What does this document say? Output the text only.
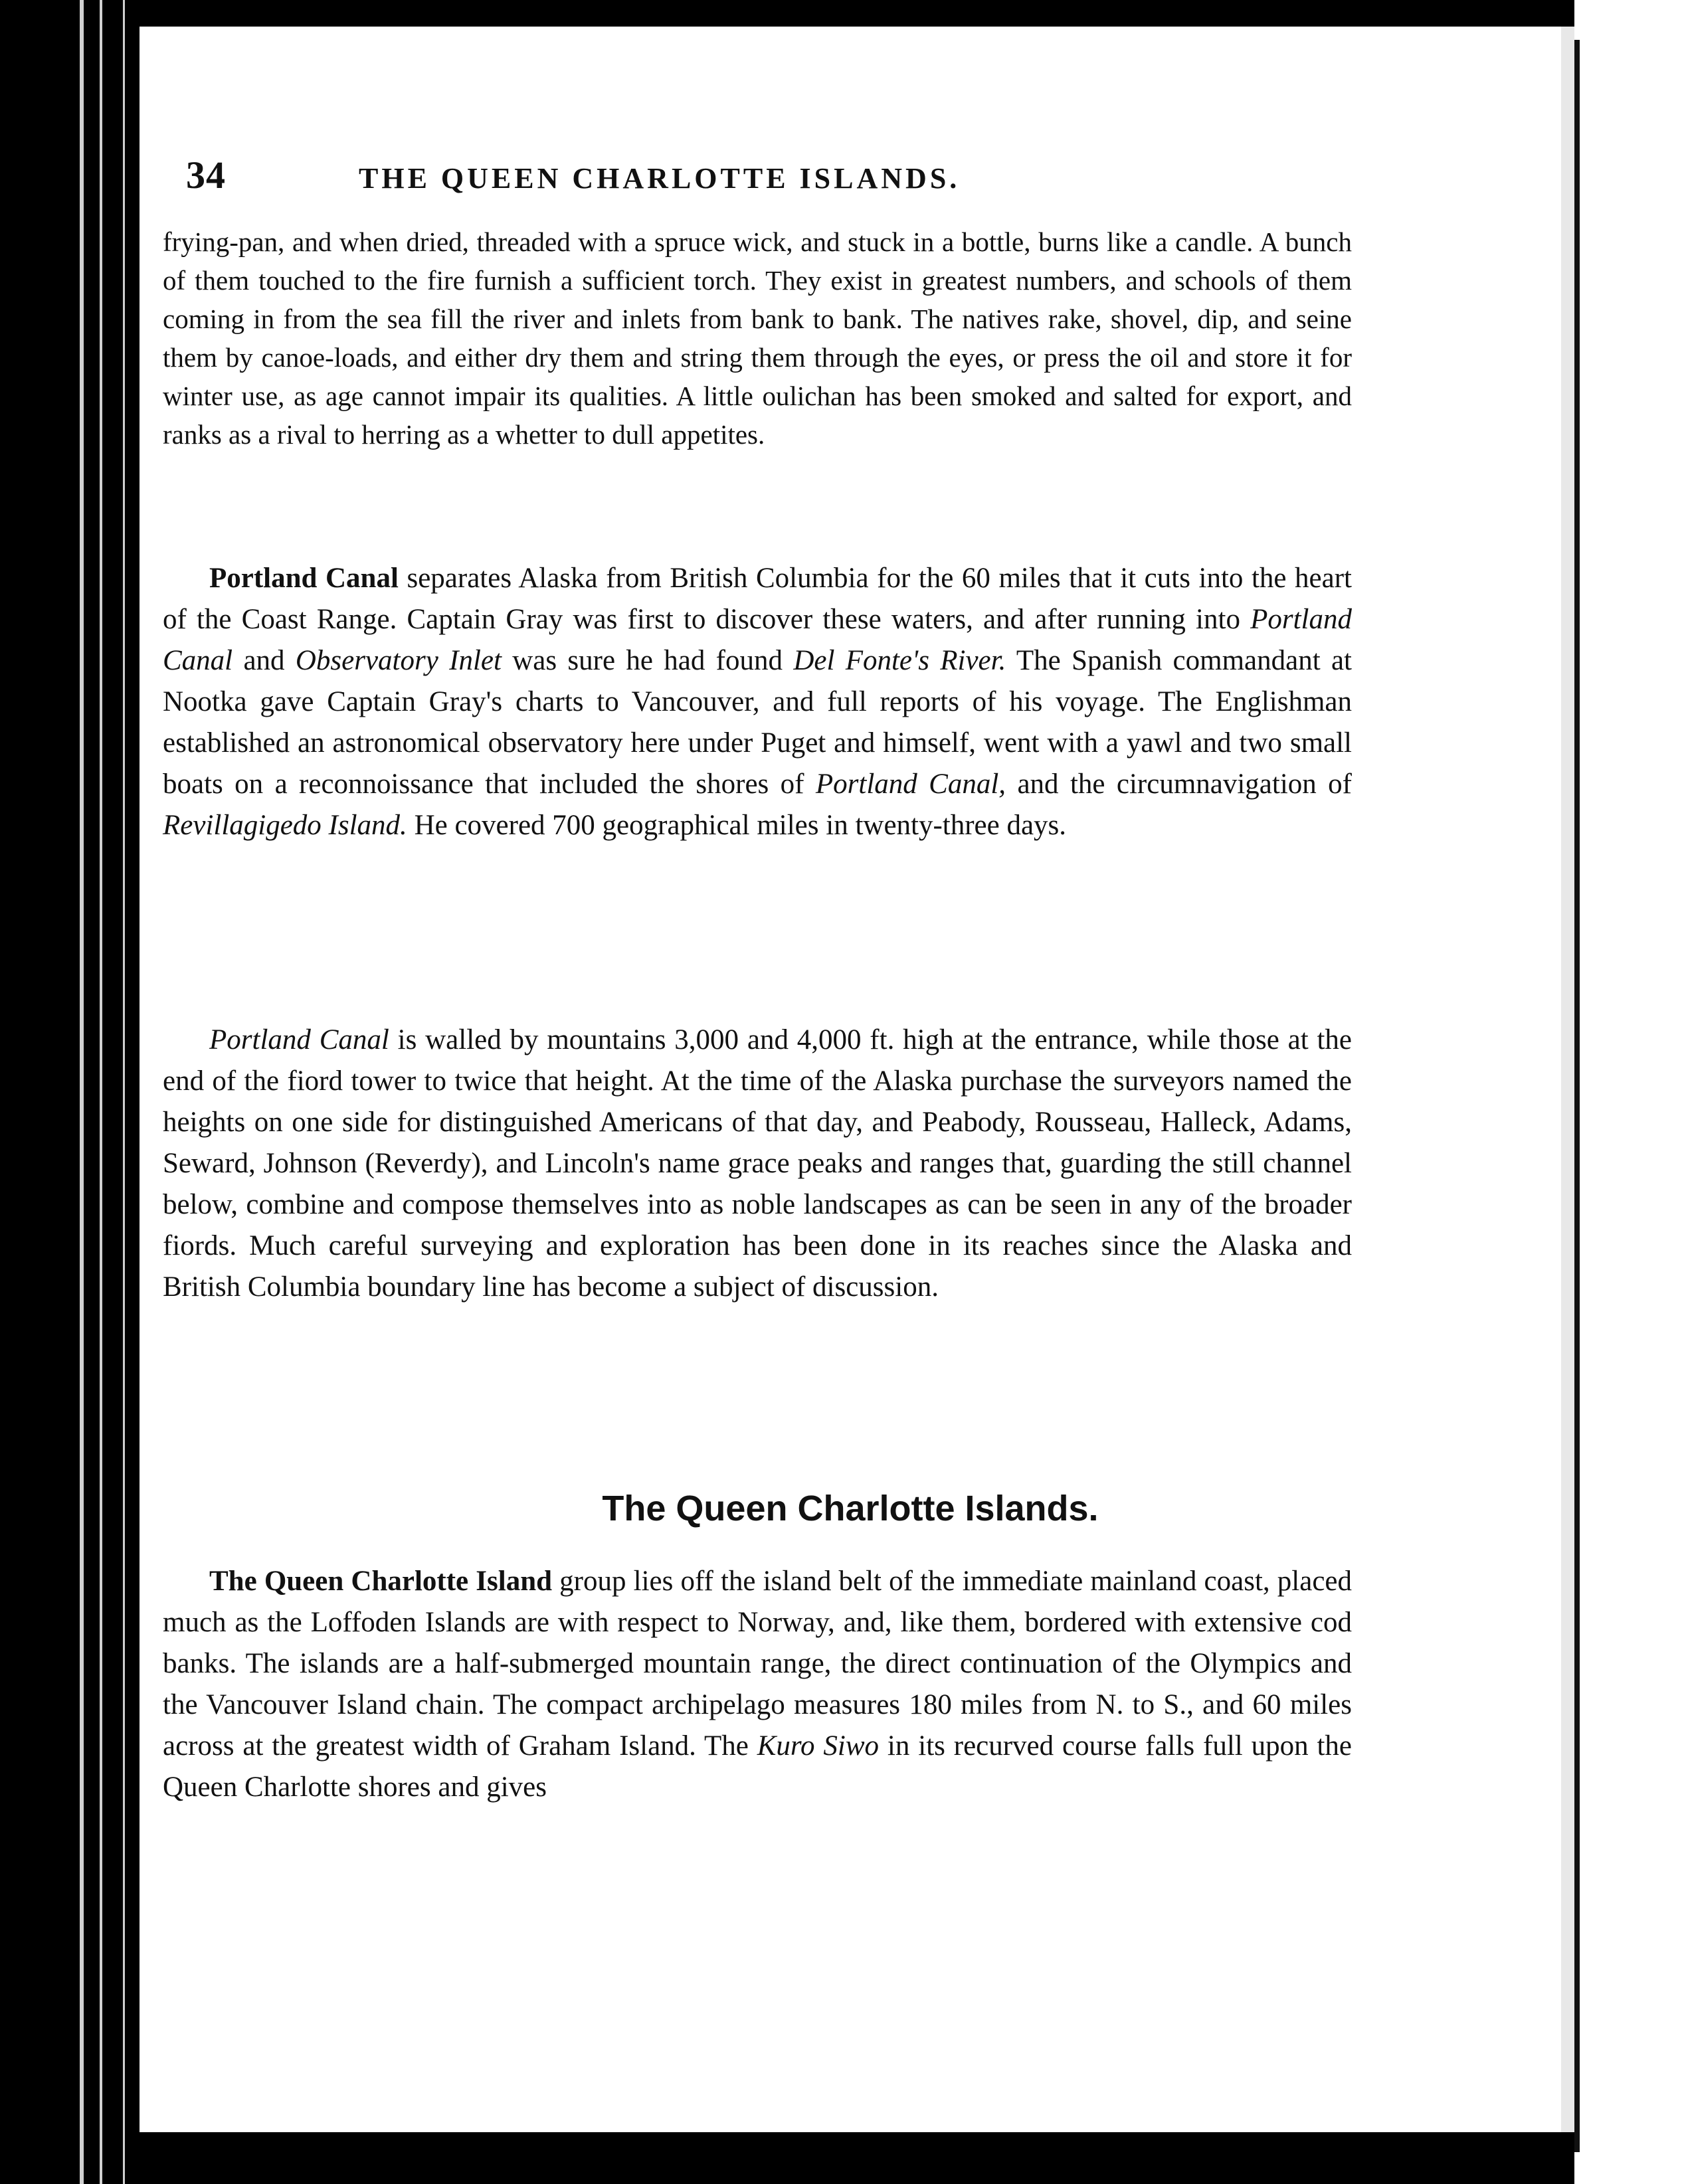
34	THE QUEEN CHARLOTTE ISLANDS.

frying-pan, and when dried, threaded with a spruce wick, and stuck in a bottle, burns like a candle. A bunch of them touched to the fire furnish a sufficient torch. They exist in greatest numbers, and schools of them coming in from the sea fill the river and inlets from bank to bank. The natives rake, shovel, dip, and seine them by canoe-loads, and either dry them and string them through the eyes, or press the oil and store it for winter use, as age cannot impair its qualities. A little oulichan has been smoked and salted for export, and ranks as a rival to herring as a whetter to dull appetites.

Portland Canal separates Alaska from British Columbia for the 60 miles that it cuts into the heart of the Coast Range. Captain Gray was first to discover these waters, and after running into Portland Canal and Observatory Inlet was sure he had found Del Fonte's River. The Spanish commandant at Nootka gave Captain Gray's charts to Vancouver, and full reports of his voyage. The Englishman established an astronomical observatory here under Puget and himself, went with a yawl and two small boats on a reconnoissance that included the shores of Portland Canal, and the circumnavigation of Revillagigedo Island. He covered 700 geographical miles in twenty-three days.

Portland Canal is walled by mountains 3,000 and 4,000 ft. high at the entrance, while those at the end of the fiord tower to twice that height. At the time of the Alaska purchase the surveyors named the heights on one side for distinguished Americans of that day, and Peabody, Rousseau, Halleck, Adams, Seward, Johnson (Reverdy), and Lincoln's name grace peaks and ranges that, guarding the still channel below, combine and compose themselves into as noble landscapes as can be seen in any of the broader fiords. Much careful surveying and exploration has been done in its reaches since the Alaska and British Columbia boundary line has become a subject of discussion.

The Queen Charlotte Islands.

The Queen Charlotte Island group lies off the island belt of the immediate mainland coast, placed much as the Loffoden Islands are with respect to Norway, and, like them, bordered with extensive cod banks. The islands are a half-submerged mountain range, the direct continuation of the Olympics and the Vancouver Island chain. The compact archipelago measures 180 miles from N. to S., and 60 miles across at the greatest width of Graham Island. The Kuro Siwo in its recurved course falls full upon the Queen Charlotte shores and gives
